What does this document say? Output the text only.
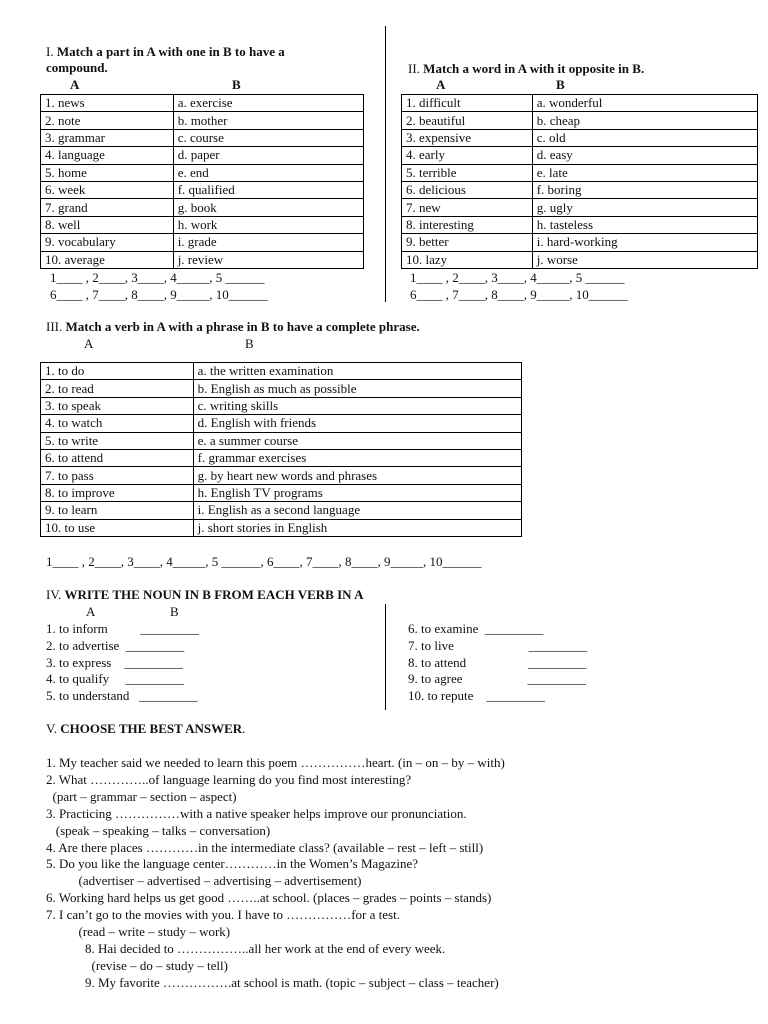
I. Match a part in A with one in B to have a
compound.
A	B
1. news	a. exercise
2. note	b. mother
3. grammar	c. course
4. language	d. paper
5. home	e. end
6. week	f. qualified
7. grand	g. book
8. well	h. work
9. vocabulary	i. grade
10. average	j. review
1____ , 2____, 3____, 4_____, 5 ______
6____ , 7____, 8____, 9_____, 10______
II. Match a word in A with it opposite in B.
A	B
1. difficult	a. wonderful
2. beautiful	b. cheap
3. expensive	c. old
4. early	d. easy
5. terrible	e. late
6. delicious	f. boring
7. new	g. ugly
8. interesting	h. tasteless
9. better	i. hard-working
10. lazy	j. worse
1____ , 2____, 3____, 4_____, 5 ______
6____ , 7____, 8____, 9_____, 10______
III. Match a verb in A with a phrase in B to have a complete phrase.
A	B
1. to do	a. the written examination
2. to read	b. English as much as possible
3. to speak	c. writing skills
4. to watch	d. English with friends
5. to write	e. a summer course
6. to attend	f. grammar exercises
7. to pass	g. by heart new words and phrases
8. to improve	h. English TV programs
9. to learn	i. English as a second language
10. to use	j. short stories in English
1____ , 2____, 3____, 4_____, 5 ______, 6____, 7____, 8____, 9_____, 10______
IV. WRITE THE NOUN IN B FROM EACH VERB IN A
A	B
1. to inform          _________
2. to advertise  _________
3. to express    _________
4. to qualify     _________
5. to understand   _________
6. to examine  _________
7. to live                       _________
8. to attend                   _________
9. to agree                    _________
10. to repute    _________
V. CHOOSE THE BEST ANSWER.
1. My teacher said we needed to learn this poem ……………heart. (in – on – by – with)
2. What …………..of language learning do you find most interesting?
(part – grammar – section – aspect)
3. Practicing ……………with a native speaker helps improve our pronunciation.
(speak – speaking – talks – conversation)
4. Are there places …………in the intermediate class? (available – rest – left – still)
5. Do you like the language center…………in the Women’s Magazine?
(advertiser – advertised – advertising – advertisement)
6. Working hard helps us get good ……..at school. (places – grades – points – stands)
7. I can’t go to the movies with you. I have to ……………for a test.
(read – write – study – work)
8. Hai decided to ……………..all her work at the end of every week.
(revise – do – study – tell)
9. My favorite …………….at school is math. (topic – subject – class – teacher)
